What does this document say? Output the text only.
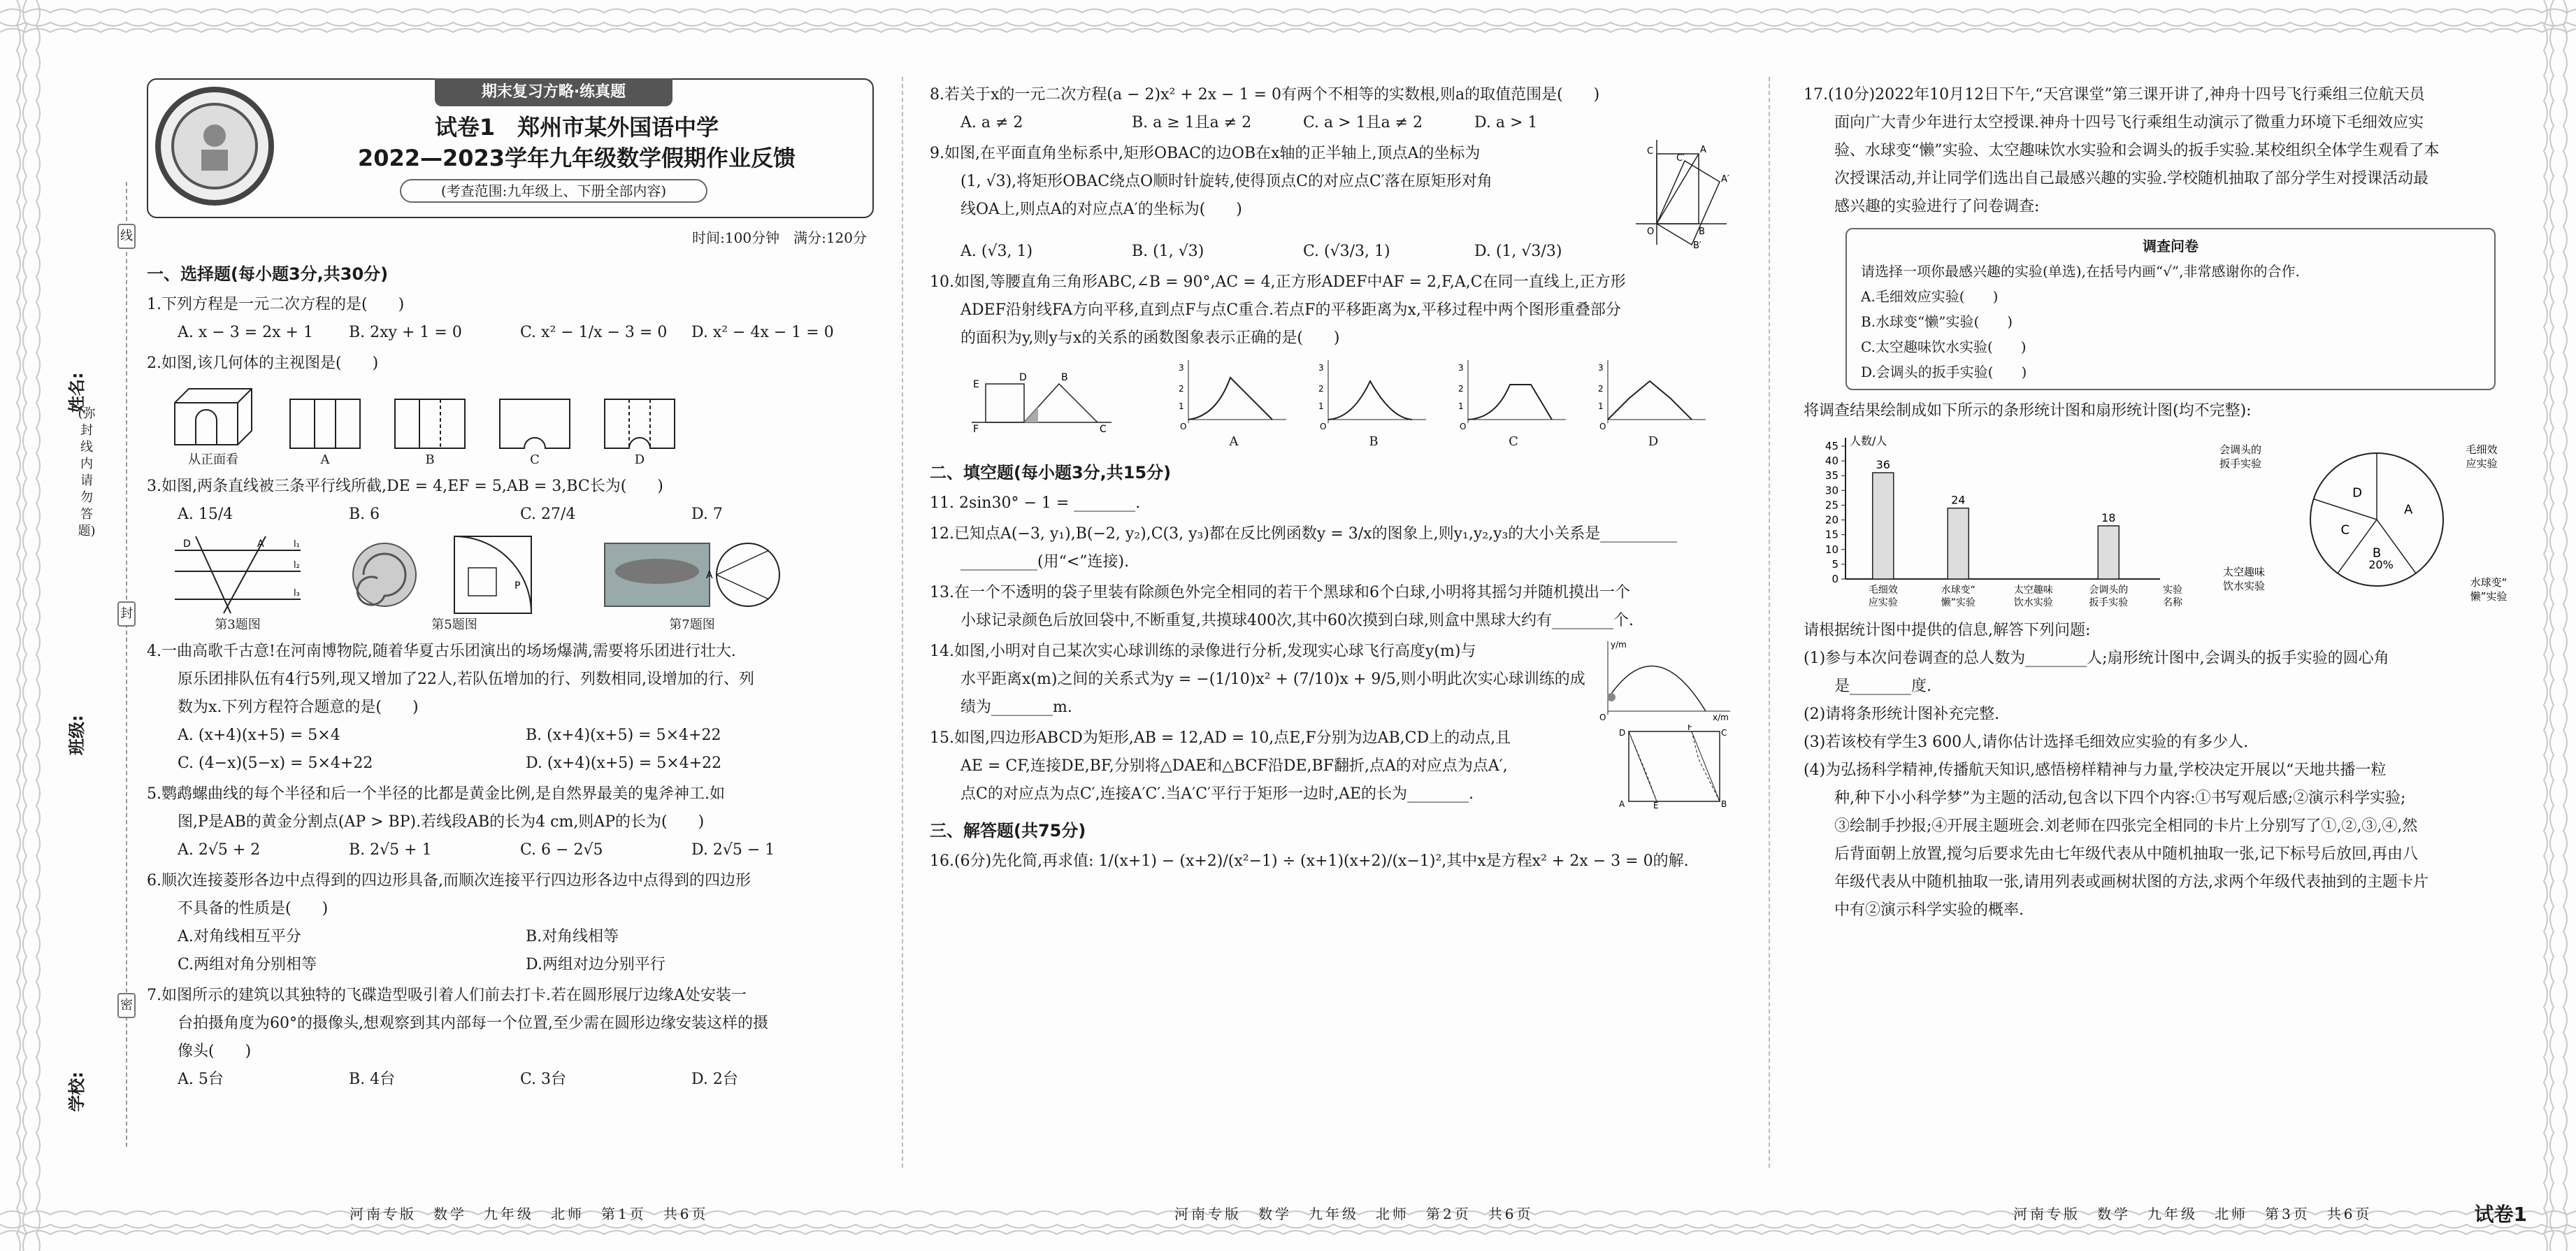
线
封
密
姓名:
班级:
学校:
(弥封线内请勿答题)
期末复习方略·练真题
试卷1　郑州市某外国语中学
2022—2023学年九年级数学假期作业反馈
(考查范围:九年级上、下册全部内容)
时间:100分钟　满分:120分
一、选择题(每小题3分,共30分)

1.下列方程是一元二次方程的是(　　)

A. x − 3 = 2x + 1	B. 2xy + 1 = 0	C. x² − 1/x − 3 = 0	D. x² − 4x − 1 = 0

2.如图,该几何体的主视图是(　　)

从正面看	A	B	C	D

3.如图,两条直线被三条平行线所截,DE = 4,EF = 5,AB = 3,BC长为(　　)

A. 15/4	B. 6	C. 27/4	D. 7
D	A	l₁
l₂
l₃
第3题图
P
第5题图
A
第7题图

4.一曲高歌千古意!在河南博物院,随着华夏古乐团演出的场场爆满,需要将乐团进行壮大.

原乐团排队伍有4行5列,现又增加了22人,若队伍增加的行、列数相同,设增加的行、列

数为x.下列方程符合题意的是(　　)

A. (x+4)(x+5) = 5×4	B. (x+4)(x+5) = 5×4+22
C. (4−x)(5−x) = 5×4+22	D. (x+4)(x+5) = 5×4+22

5.鹦鹉螺曲线的每个半径和后一个半径的比都是黄金比例,是自然界最美的鬼斧神工.如

图,P是AB的黄金分割点(AP > BP).若线段AB的长为4 cm,则AP的长为(　　)

A. 2√5 + 2	B. 2√5 + 1	C. 6 − 2√5	D. 2√5 − 1

6.顺次连接菱形各边中点得到的四边形具备,而顺次连接平行四边形各边中点得到的四边形

不具备的性质是(　　)

A.对角线相互平分	B.对角线相等
C.两组对角分别相等	D.两组对边分别平行

7.如图所示的建筑以其独特的飞碟造型吸引着人们前去打卡.若在圆形展厅边缘A处安装一

台拍摄角度为60°的摄像头,想观察到其内部每一个位置,至少需在圆形边缘安装这样的摄

像头(　　)

A. 5台	B. 4台	C. 3台	D. 2台

8.若关于x的一元二次方程(a − 2)x² + 2x − 1 = 0有两个不相等的实数根,则a的取值范围是(　　)

A. a ≠ 2	B. a ≥ 1且a ≠ 2	C. a > 1且a ≠ 2	D. a > 1

9.如图,在平面直角坐标系中,矩形OBAC的边OB在x轴的正半轴上,顶点A的坐标为

(1, √3),将矩形OBAC绕点O顺时针旋转,使得顶点C的对应点C′落在原矩形对角

线OA上,则点A的对应点A′的坐标为(　　)

A. (√3, 1)	B. (1, √3)	C. (√3/3, 1)	D. (1, √3/3)
C	A
A′
O	B
B′
C′

10.如图,等腰直角三角形ABC,∠B = 90°,AC = 4,正方形ADEF中AF = 2,F,A,C在同一直线上,正方形

ADEF沿射线FA方向平移,直到点F与点C重合.若点F的平移距离为x,平移过程中两个图形重叠部分

的面积为y,则y与x的关系的函数图象表示正确的是(　　)

E
D	B
F	C
3
2
1
O
A
3
2
1
O
B
3
2
1
O
C
3
2
1
O
D
二、填空题(每小题3分,共15分)

11. 2sin30° − 1 = ________.

12.已知点A(−3, y₁),B(−2, y₂),C(3, y₃)都在反比例函数y = 3/x的图象上,则y₁,y₂,y₃的大小关系是__________

__________(用“<”连接).

13.在一个不透明的袋子里装有除颜色外完全相同的若干个黑球和6个白球,小明将其摇匀并随机摸出一个

小球记录颜色后放回袋中,不断重复,共摸球400次,其中60次摸到白球,则盒中黑球大约有________个.

14.如图,小明对自己某次实心球训练的录像进行分析,发现实心球飞行高度y(m)与

水平距离x(m)之间的关系式为y = −(1/10)x² + (7/10)x + 9/5,则小明此次实心球训练的成

绩为________m.

y/m
x/m
O

15.如图,四边形ABCD为矩形,AB = 12,AD = 10,点E,F分别为边AB,CD上的动点,且

AE = CF,连接DE,BF,分别将△DAE和△BCF沿DE,BF翻折,点A的对应点为点A′,

点C的对应点为点C′,连接A′C′.当A′C′平行于矩形一边时,AE的长为________.

D	C
A	B
E
F
三、解答题(共75分)

16.(6分)先化简,再求值: 1/(x+1) − (x+2)/(x²−1) ÷ (x+1)(x+2)/(x−1)²,其中x是方程x² + 2x − 3 = 0的解.

17.(10分)2022年10月12日下午,“天宫课堂”第三课开讲了,神舟十四号飞行乘组三位航天员

面向广大青少年进行太空授课.神舟十四号飞行乘组生动演示了微重力环境下毛细效应实

验、水球变“懒”实验、太空趣味饮水实验和会调头的扳手实验.某校组织全体学生观看了本

次授课活动,并让同学们选出自己最感兴趣的实验.学校随机抽取了部分学生对授课活动最

感兴趣的实验进行了问卷调查:

调查问卷
请选择一项你最感兴趣的实验(单选),在括号内画“√”,非常感谢你的合作.
A.毛细效应实验(　　)
B.水球变“懒”实验(　　)
C.太空趣味饮水实验(　　)
D.会调头的扳手实验(　　)

将调查结果绘制成如下所示的条形统计图和扇形统计图(均不完整):

人数/人
0
5
10
15
20
25
30
35
40
45
36
毛细效
应实验
24
水球变“
懒”实验
太空趣味
饮水实验
18
会调头的
扳手实验
实验
名称
A
B
C
D
20%
毛细效
应实验
水球变“
懒”实验
太空趣味
饮水实验
会调头的
扳手实验

请根据统计图中提供的信息,解答下列问题:

(1)参与本次问卷调查的总人数为________人;扇形统计图中,会调头的扳手实验的圆心角

是________度.

(2)请将条形统计图补充完整.

(3)若该校有学生3 600人,请你估计选择毛细效应实验的有多少人.

(4)为弘扬科学精神,传播航天知识,感悟榜样精神与力量,学校决定开展以“天地共播一粒

种,种下小小科学梦”为主题的活动,包含以下四个内容:①书写观后感;②演示科学实验;

③绘制手抄报;④开展主题班会.刘老师在四张完全相同的卡片上分别写了①,②,③,④,然

后背面朝上放置,搅匀后要求先由七年级代表从中随机抽取一张,记下标号后放回,再由八

年级代表从中随机抽取一张,请用列表或画树状图的方法,求两个年级代表抽到的主题卡片

中有②演示科学实验的概率.

河南专版　数学　九年级　北师　第1页　共6页	河南专版　数学　九年级　北师　第2页　共6页	河南专版　数学　九年级　北师　第3页　共6页	试卷1
